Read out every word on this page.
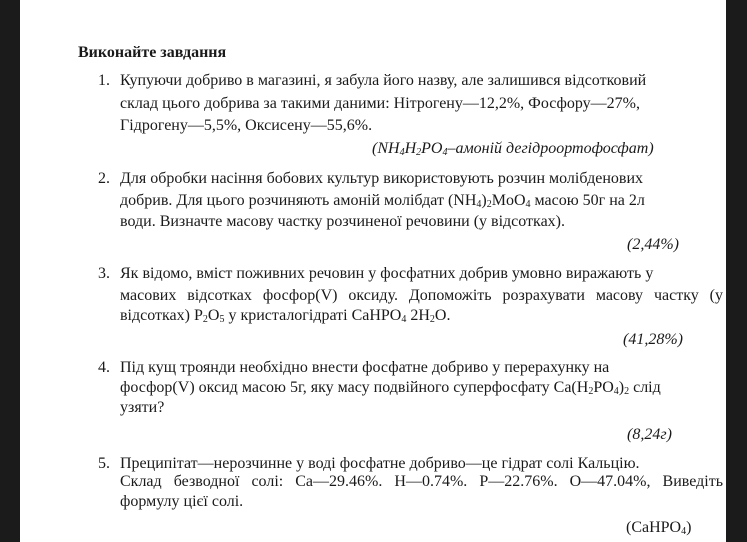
Виконайте завдання
1. Купуючи добриво в магазині, я забула його назву, але залишився відсотковий
склад цього добрива за такими даними: Нітрогену—12,2%, Фосфору—27%,
Гідрогену—5,5%, Оксисену—55,6%.
($NH_4H_2PO_4$–амоній дегідроортофосфат)
2. Для обробки насіння бобових культур використовують розчин молібденових
добрив. Для цього розчиняють амоній молібдат $(NH_4)_2MoO_4$ масою 50г на 2л
води. Визначте масову частку розчиненої речовини (у відсотках).
(2,44%)
3. Як відомо, вміст поживних речовин у фосфатних добрив умовно виражають у
масових відсотках фосфор(V) оксиду. Допоможіть розрахувати масову частку (у
відсотках) $P_2O_5$ у кристалогідраті CaHPO$_4$ $2H_2O$.
(41,28%)
4. Під кущ троянди необхідно внести фосфатне добриво у перерахунку на
фосфор(V) оксид масою 5г, яку масу подвійного суперфосфату $Ca(H_2PO_4)_2$ слід
узяти?
(8,24г)
5. Преципітат—нерозчинне у воді фосфатне добриво—це гідрат солі Кальцію.
Склад безводної солі: Ca—29.46%. H—0.74%. P—22.76%. O—47.04%, Виведіть
формулу цієї солі.
(CaHPO$_4$)
